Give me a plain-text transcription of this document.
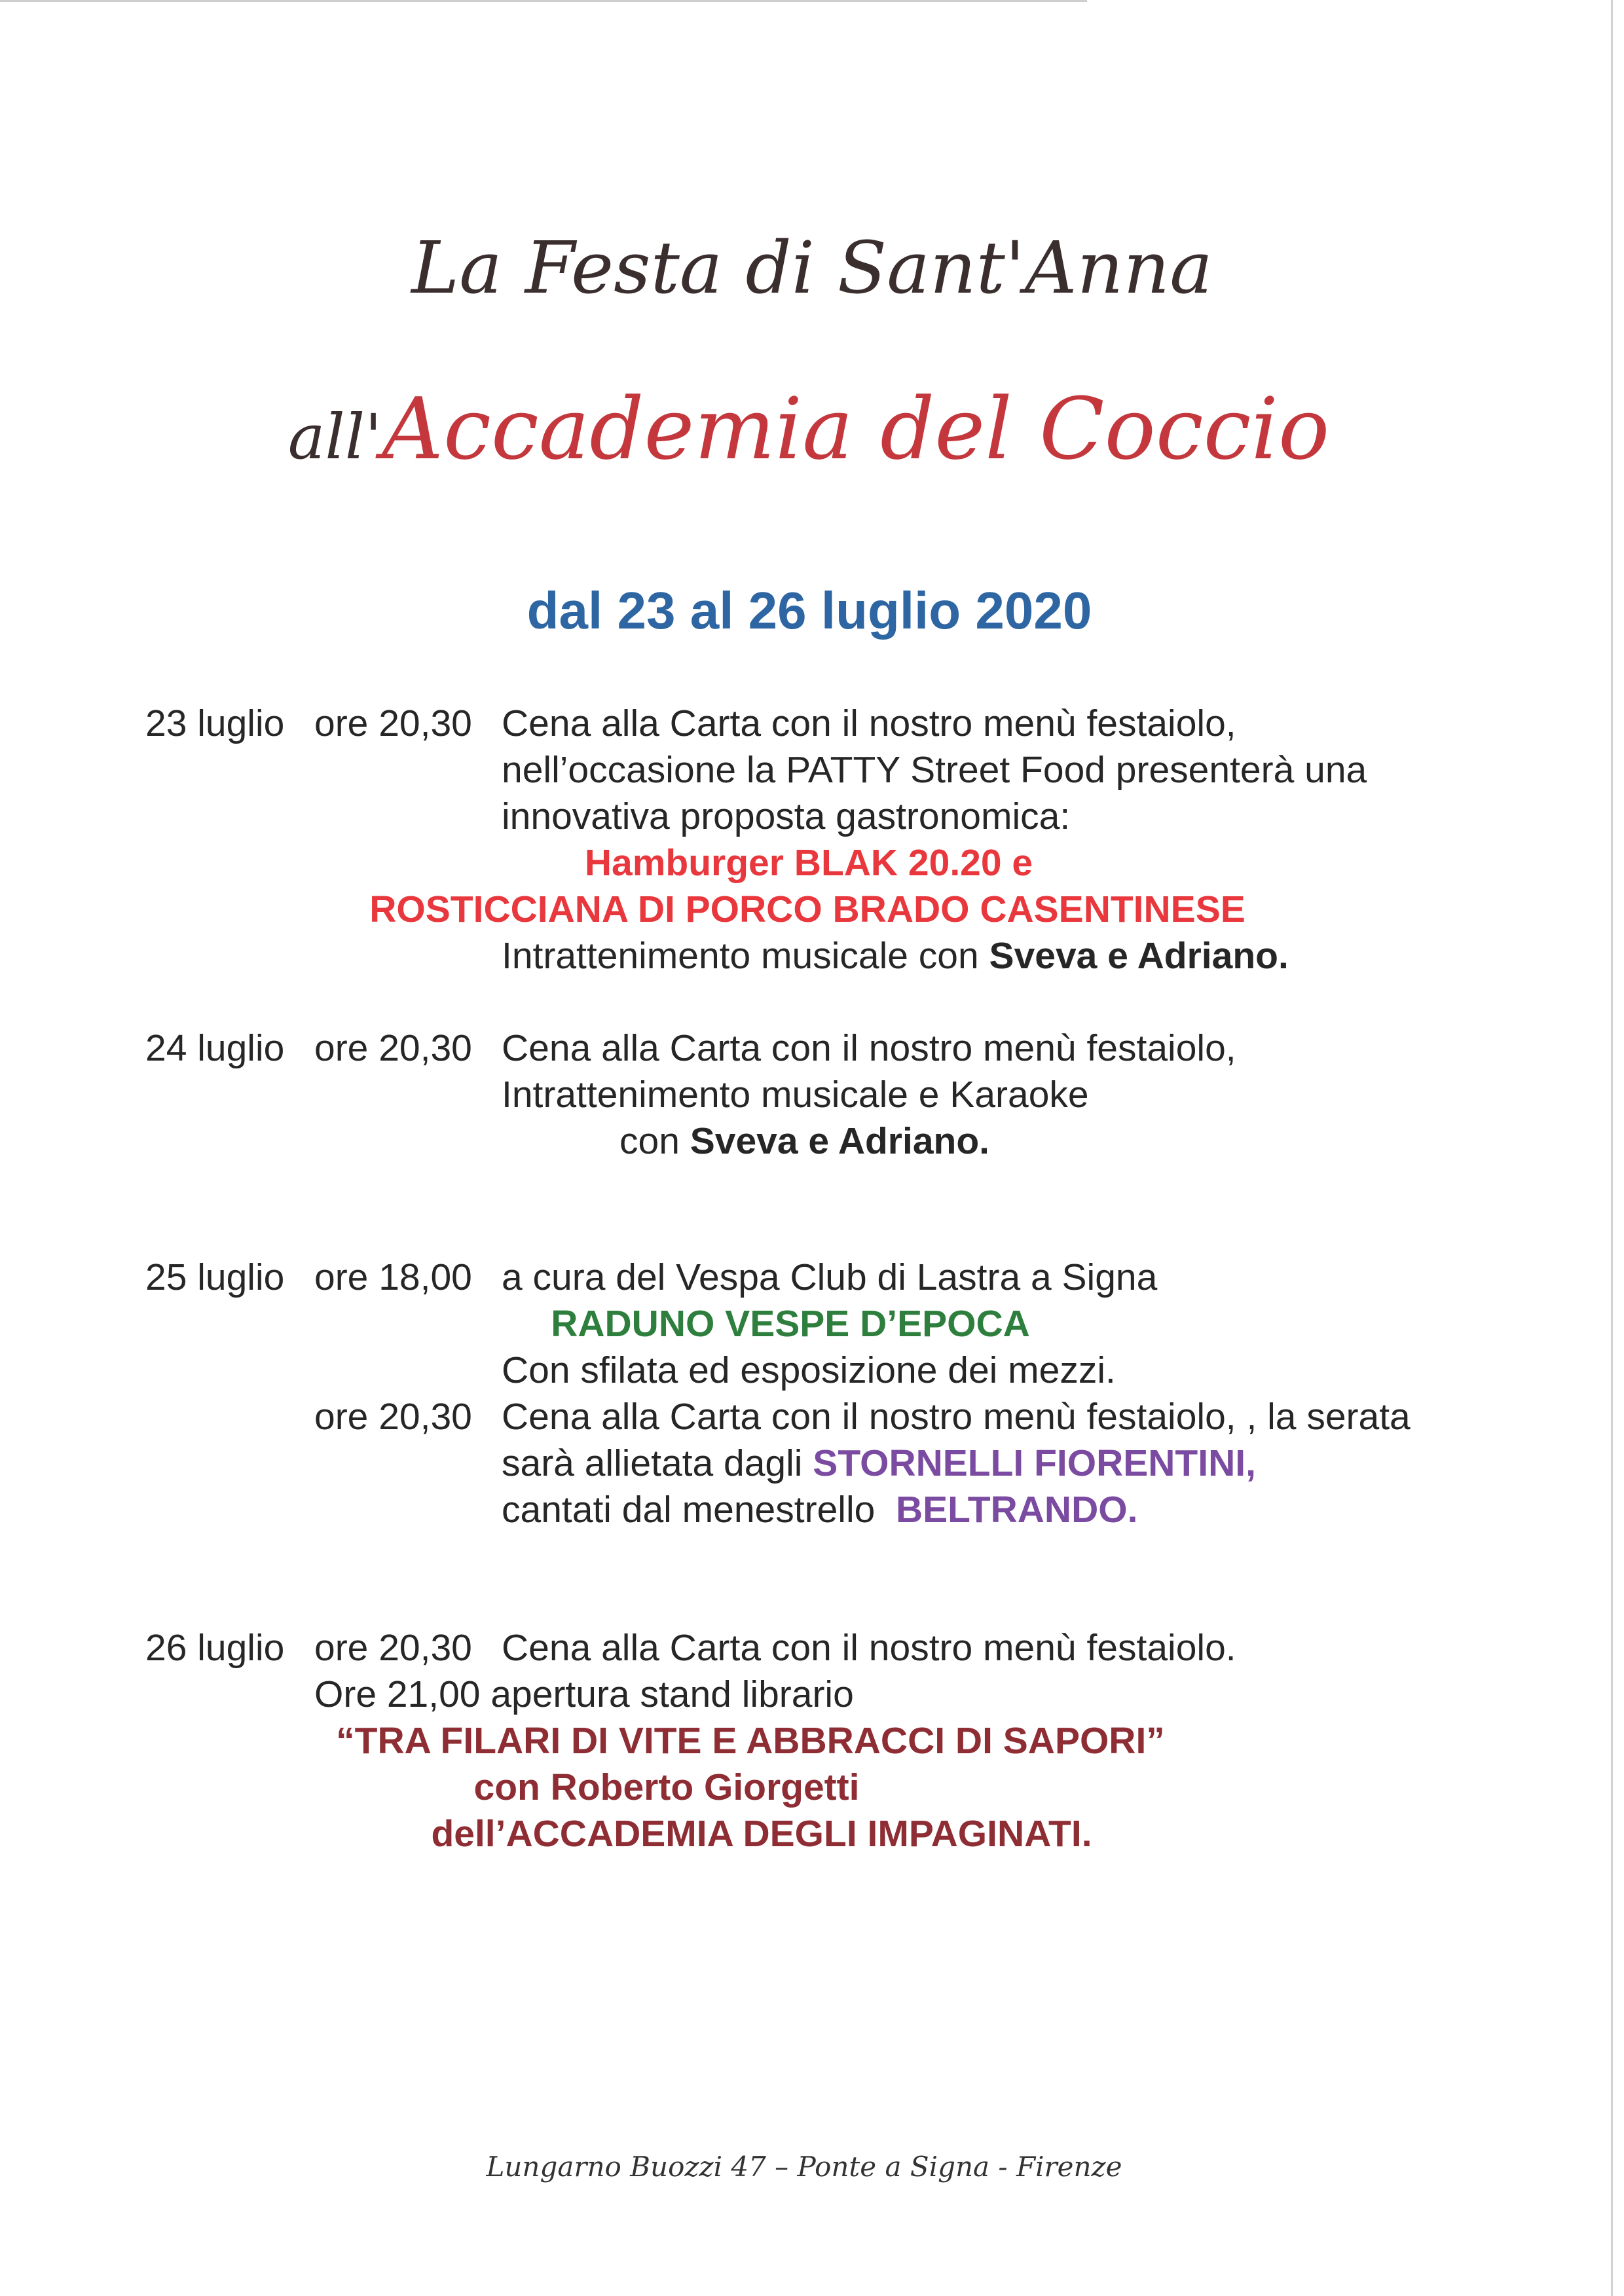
La Festa di Sant'Anna
all'Accademia del Coccio
dal 23 al 26 luglio 2020
23 luglio ore 20,30 Cena alla Carta con il nostro menù festaiolo,
nell’occasione la PATTY Street Food presenterà una
innovativa proposta gastronomica:
Hamburger BLAK 20.20 e
ROSTICCIANA DI PORCO BRADO CASENTINESE
Intrattenimento musicale con Sveva e Adriano.
24 luglio ore 20,30 Cena alla Carta con il nostro menù festaiolo,
Intrattenimento musicale e Karaoke
con Sveva e Adriano.
25 luglio ore 18,00 a cura del Vespa Club di Lastra a Signa
RADUNO VESPE D’EPOCA
Con sfilata ed esposizione dei mezzi.
ore 20,30 Cena alla Carta con il nostro menù festaiolo, , la serata
sarà allietata dagli STORNELLI FIORENTINI,
cantati dal menestrello  BELTRANDO.
26 luglio ore 20,30 Cena alla Carta con il nostro menù festaiolo.
Ore 21,00 apertura stand librario
“TRA FILARI DI VITE E ABBRACCI DI SAPORI”
con Roberto Giorgetti
dell’ACCADEMIA DEGLI IMPAGINATI.
Lungarno Buozzi 47 – Ponte a Signa - Firenze
